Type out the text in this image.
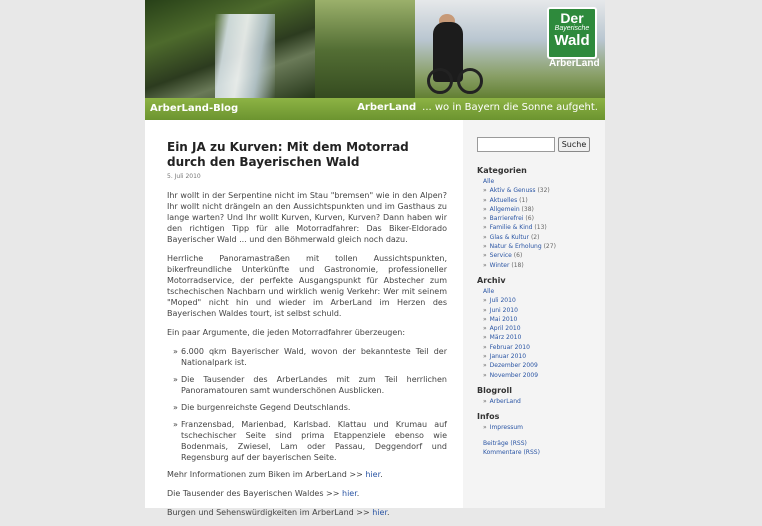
Der
Bayerische
Wald
ArberLand
ArberLand-Blog	ArberLand ... wo in Bayern die Sonne aufgeht.
Ein JA zu Kurven: Mit dem Motorrad durch den Bayerischen Wald
5. Juli 2010

Ihr wollt in der Serpentine nicht im Stau "bremsen" wie in den Alpen? Ihr wollt nicht drängeln an den Aussichtspunkten und im Gasthaus zu lange warten? Und Ihr wollt Kurven, Kurven, Kurven? Dann haben wir den richtigen Tipp für alle Motorradfahrer: Das Biker-Eldorado Bayerischer Wald ... und den Böhmerwald gleich noch dazu.

Herrliche Panoramastraßen mit tollen Aussichtspunkten, bikerfreundliche Unterkünfte und Gastronomie, professioneller Motorradservice, der perfekte Ausgangspunkt für Abstecher zum tschechischen Nachbarn und wirklich wenig Verkehr: Wer mit seinem "Moped" nicht hin und wieder im ArberLand im Herzen des Bayerischen Waldes tourt, ist selbst schuld.

Ein paar Argumente, die jeden Motorradfahrer überzeugen:

» 6.000 qkm Bayerischer Wald, wovon der bekannteste Teil der Nationalpark ist.
» Die Tausender des ArberLandes mit zum Teil herrlichen Panoramatouren samt wunderschönen Ausblicken.
» Die burgenreichste Gegend Deutschlands.
» Franzensbad, Marienbad, Karlsbad. Klattau und Krumau auf tschechischer Seite sind prima Etappenziele ebenso wie Bodenmais, Zwiesel, Lam oder Passau, Deggendorf und Regensburg auf der bayerischen Seite.

Mehr Informationen zum Biken im ArberLand >> hier.

Die Tausender des Bayerischen Waldes >> hier.

Burgen und Sehenswürdigkeiten im ArberLand >> hier.

Suche
Kategorien
Alle
» Aktiv & Genuss (32)
» Aktuelles (1)
» Allgemein (38)
» Barrierefrei (6)
» Familie & Kind (13)
» Glas & Kultur (2)
» Natur & Erholung (27)
» Service (6)
» Winter (18)
Archiv
Alle
» Juli 2010
» Juni 2010
» Mai 2010
» April 2010
» März 2010
» Februar 2010
» Januar 2010
» Dezember 2009
» November 2009
Blogroll
» ArberLand
Infos
» Impressum
Beiträge (RSS)
Kommentare (RSS)
